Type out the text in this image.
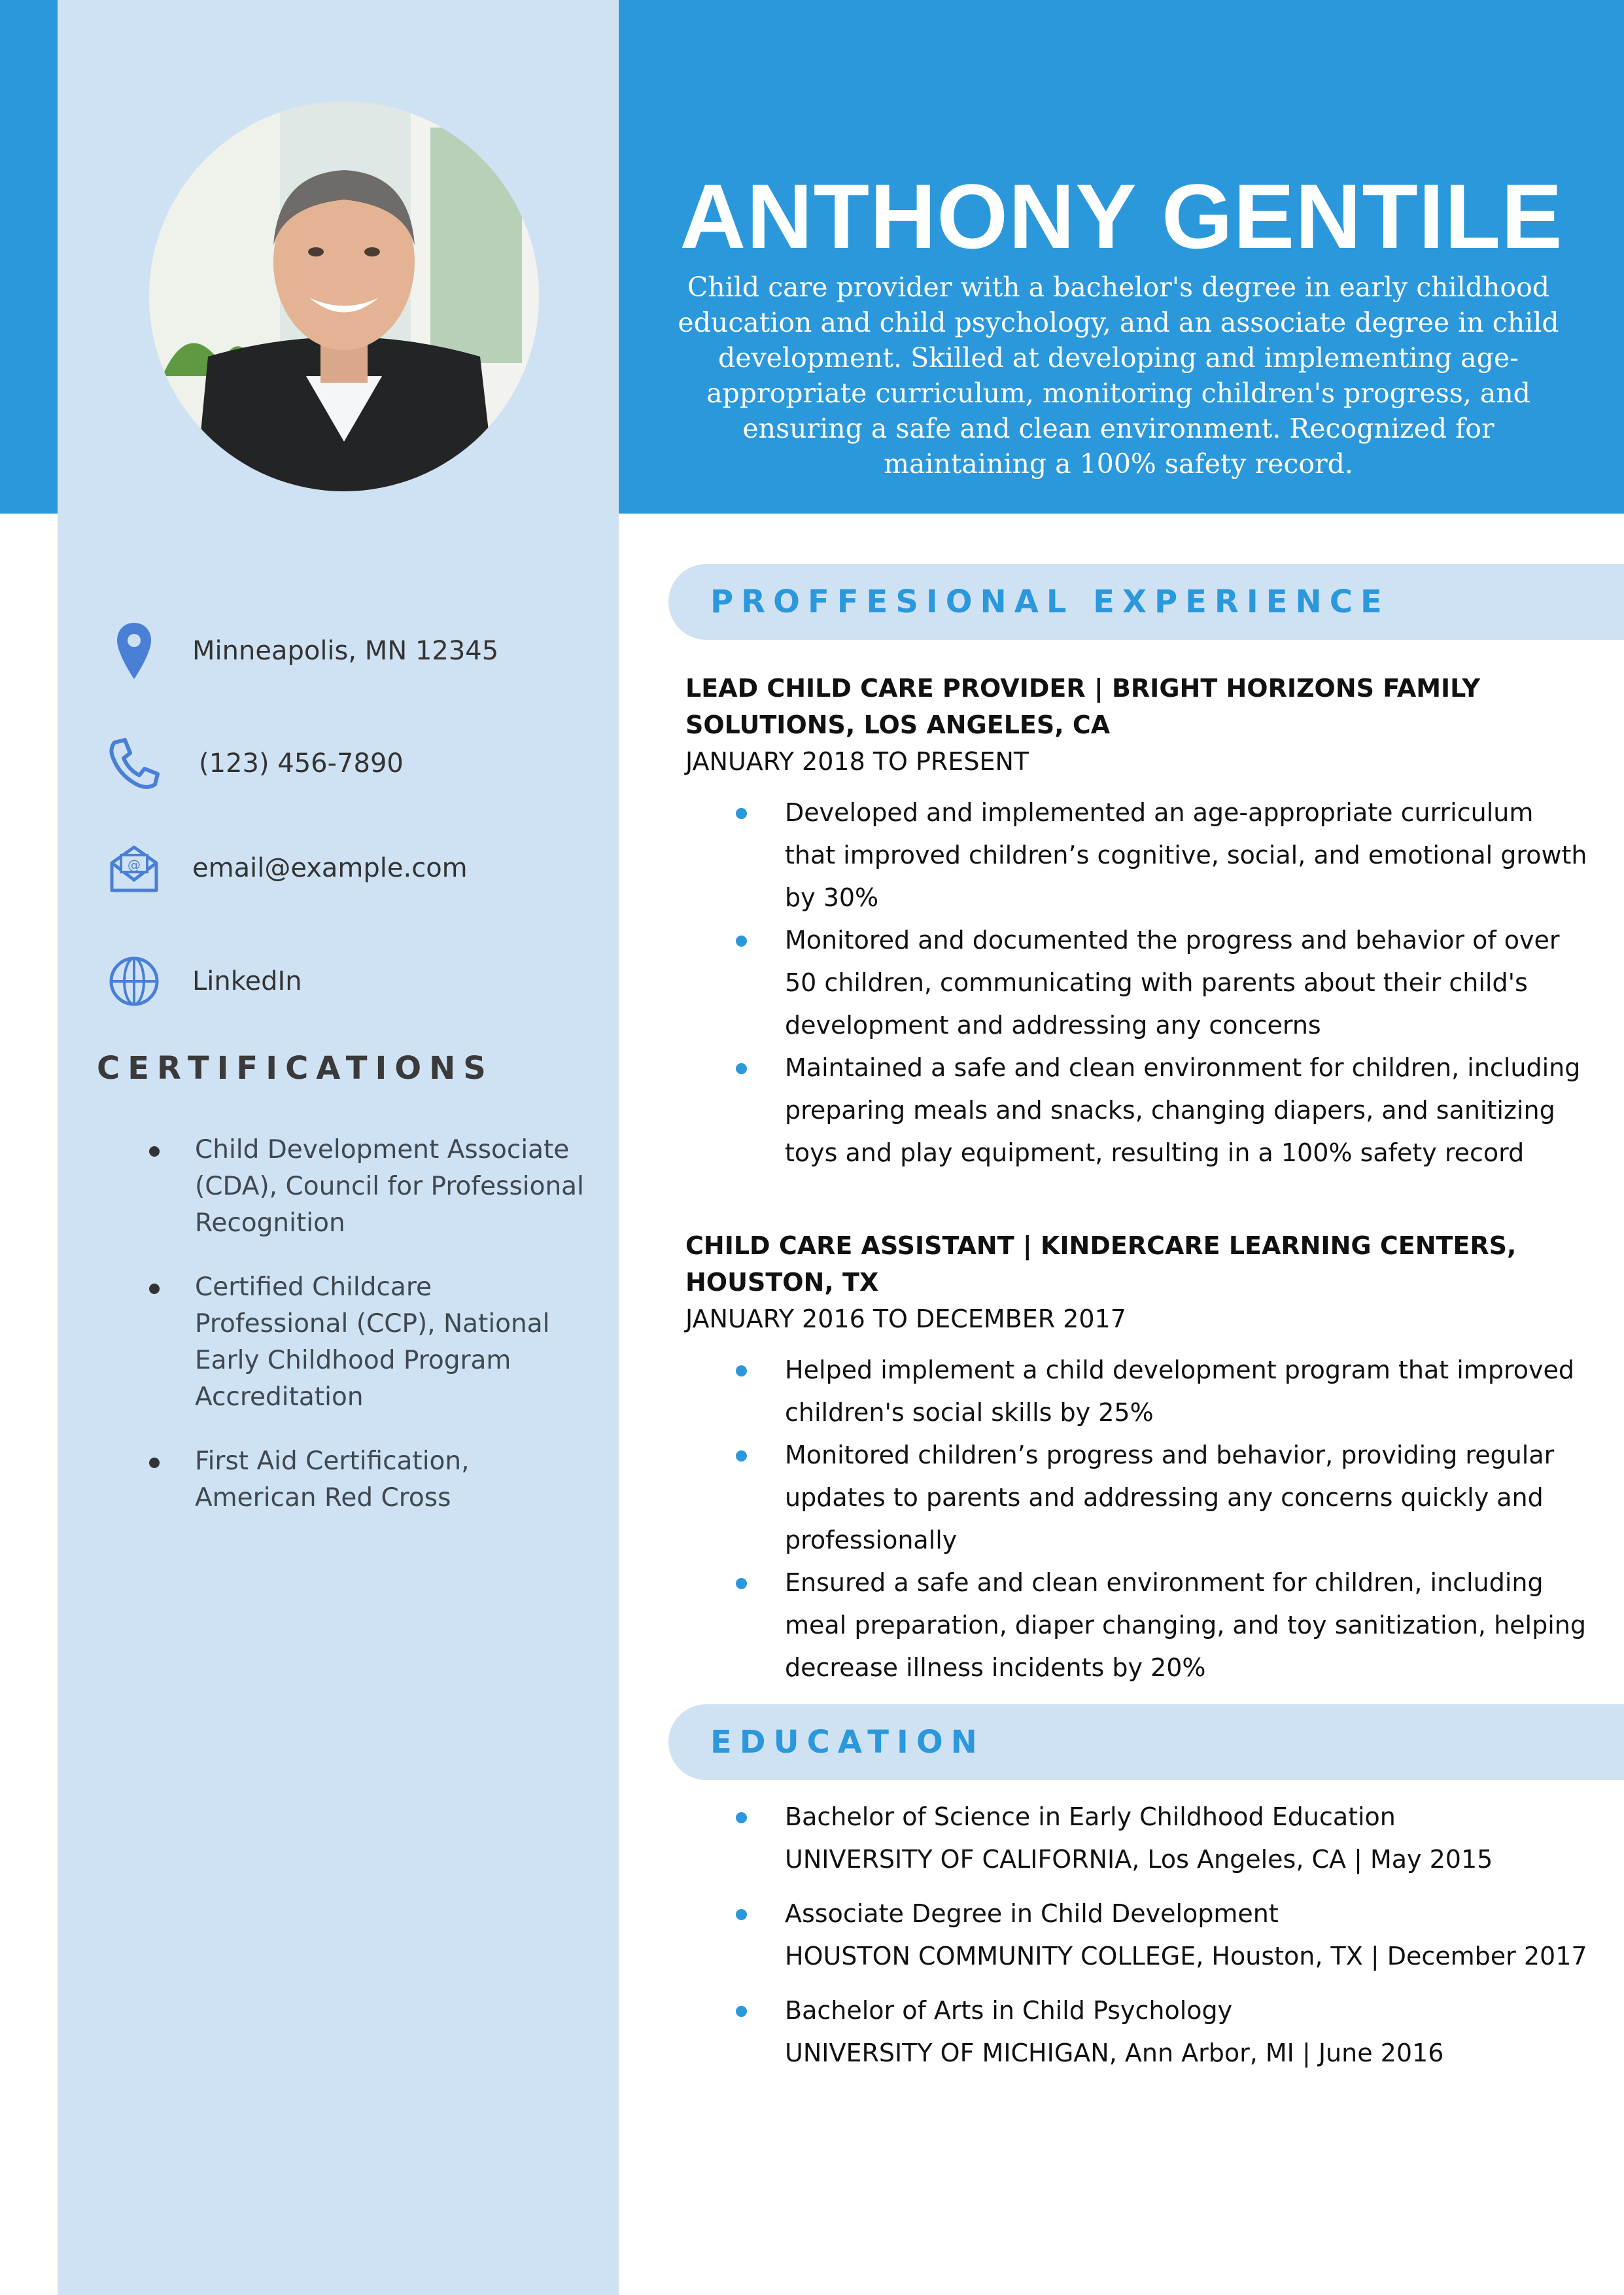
ANTHONY GENTILE
Child care provider with a bachelor's degree in early childhood education and child psychology, and an associate degree in child development. Skilled at developing and implementing age-appropriate curriculum, monitoring children's progress, and ensuring a safe and clean environment. Recognized for maintaining a 100% safety record.
Minneapolis, MN 12345
(123) 456-7890
@ email@example.com
LinkedIn
CERTIFICATIONS
Child Development Associate (CDA), Council for Professional Recognition
Certified Childcare Professional (CCP), National Early Childhood Program Accreditation
First Aid Certification, American Red Cross
PROFFESIONAL EXPERIENCE
LEAD CHILD CARE PROVIDER | BRIGHT HORIZONS FAMILY SOLUTIONS, LOS ANGELES, CA
JANUARY 2018 TO PRESENT
Developed and implemented an age-appropriate curriculum that improved children’s cognitive, social, and emotional growth by 30%
Monitored and documented the progress and behavior of over 50 children, communicating with parents about their child's development and addressing any concerns
Maintained a safe and clean environment for children, including preparing meals and snacks, changing diapers, and sanitizing toys and play equipment, resulting in a 100% safety record
CHILD CARE ASSISTANT | KINDERCARE LEARNING CENTERS, HOUSTON, TX
JANUARY 2016 TO DECEMBER 2017
Helped implement a child development program that improved children's social skills by 25%
Monitored children’s progress and behavior, providing regular updates to parents and addressing any concerns quickly and professionally
Ensured a safe and clean environment for children, including meal preparation, diaper changing, and toy sanitization, helping decrease illness incidents by 20%
EDUCATION
Bachelor of Science in Early Childhood Education
UNIVERSITY OF CALIFORNIA, Los Angeles, CA | May 2015
Associate Degree in Child Development
HOUSTON COMMUNITY COLLEGE, Houston, TX | December 2017
Bachelor of Arts in Child Psychology
UNIVERSITY OF MICHIGAN, Ann Arbor, MI | June 2016
